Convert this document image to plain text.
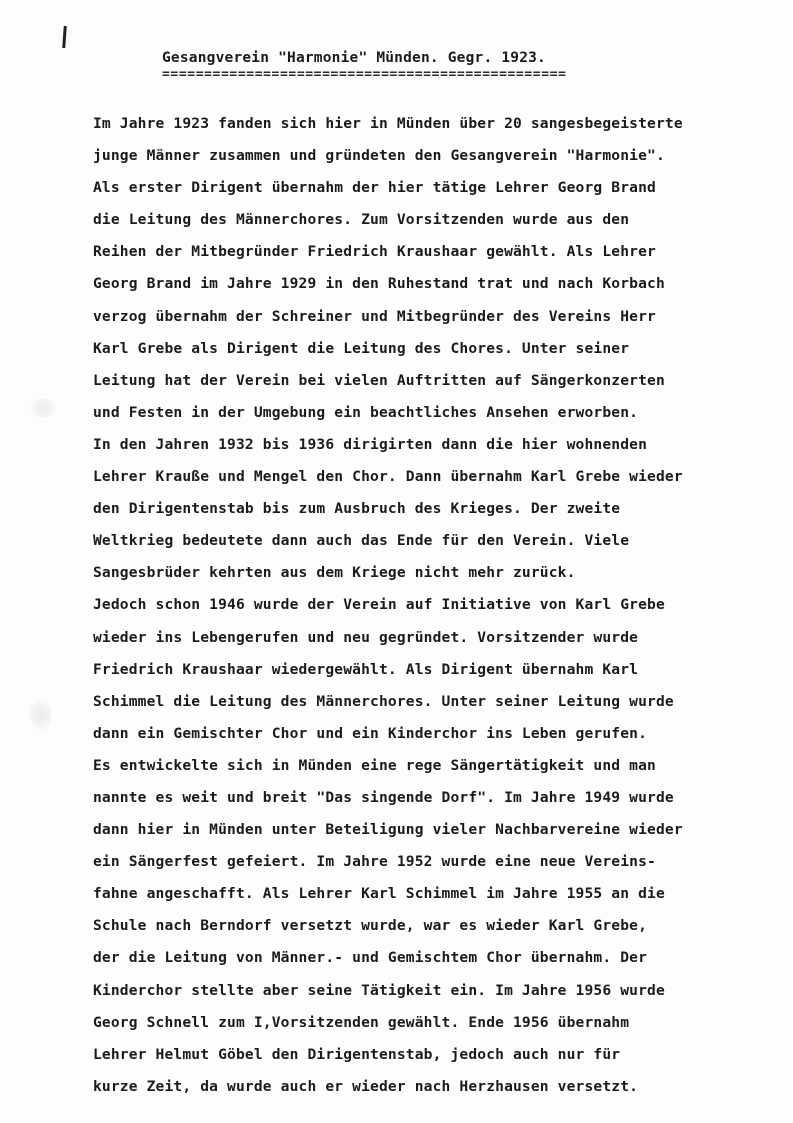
Gesangverein "Harmonie" Münden. Gegr. 1923.
================================================
Im Jahre 1923 fanden sich hier in Münden über 20 sangesbegeisterte
junge Männer zusammen und gründeten den Gesangverein "Harmonie".
Als erster Dirigent übernahm der hier tätige Lehrer Georg Brand
die Leitung des Männerchores. Zum Vorsitzenden wurde aus den
Reihen der Mitbegründer Friedrich Kraushaar gewählt. Als Lehrer
Georg Brand im Jahre 1929 in den Ruhestand trat und nach Korbach
verzog übernahm der Schreiner und Mitbegründer des Vereins Herr
Karl Grebe als Dirigent die Leitung des Chores. Unter seiner
Leitung hat der Verein bei vielen Auftritten auf Sängerkonzerten
und Festen in der Umgebung ein beachtliches Ansehen erworben.
In den Jahren 1932 bis 1936 dirigirten dann die hier wohnenden
Lehrer Krauße und Mengel den Chor. Dann übernahm Karl Grebe wieder
den Dirigentenstab bis zum Ausbruch des Krieges. Der zweite
Weltkrieg bedeutete dann auch das Ende für den Verein. Viele
Sangesbrüder kehrten aus dem Kriege nicht mehr zurück.
Jedoch schon 1946 wurde der Verein auf Initiative von Karl Grebe
wieder ins Lebengerufen und neu gegründet. Vorsitzender wurde
Friedrich Kraushaar wiedergewählt. Als Dirigent übernahm Karl
Schimmel die Leitung des Männerchores. Unter seiner Leitung wurde
dann ein Gemischter Chor und ein Kinderchor ins Leben gerufen.
Es entwickelte sich in Münden eine rege Sängertätigkeit und man
nannte es weit und breit "Das singende Dorf". Im Jahre 1949 wurde
dann hier in Münden unter Beteiligung vieler Nachbarvereine wieder
ein Sängerfest gefeiert. Im Jahre 1952 wurde eine neue Vereins-
fahne angeschafft. Als Lehrer Karl Schimmel im Jahre 1955 an die
Schule nach Berndorf versetzt wurde, war es wieder Karl Grebe,
der die Leitung von Männer.- und Gemischtem Chor übernahm. Der
Kinderchor stellte aber seine Tätigkeit ein. Im Jahre 1956 wurde
Georg Schnell zum I,Vorsitzenden gewählt. Ende 1956 übernahm
Lehrer Helmut Göbel den Dirigentenstab, jedoch auch nur für
kurze Zeit, da wurde auch er wieder nach Herzhausen versetzt.
